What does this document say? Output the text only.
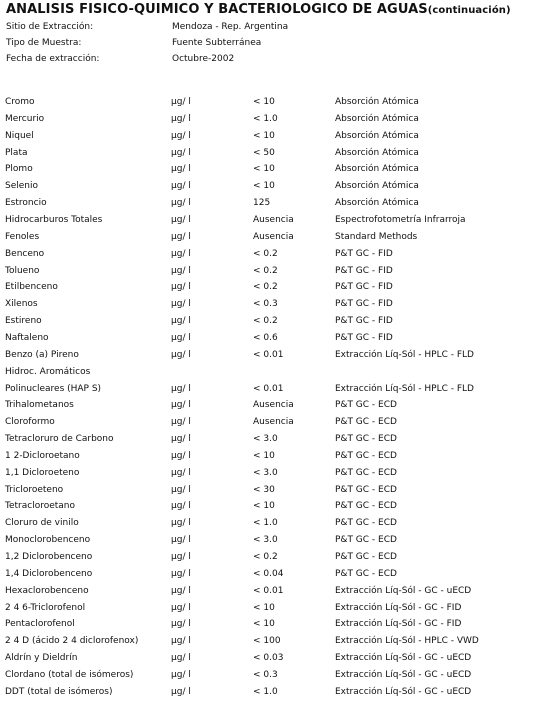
ANALISIS FISICO-QUIMICO Y BACTERIOLOGICO DE AGUAS(continuación)
Sitio de Extracción:	Mendoza - Rep. Argentina
Tipo de Muestra:	Fuente Subterránea
Fecha de extracción:	Octubre-2002
Cromo	μg/ l	< 10	Absorción Atómica
Mercurio	μg/ l	< 1.0	Absorción Atómica
Niquel	μg/ l	< 10	Absorción Atómica
Plata	μg/ l	< 50	Absorción Atómica
Plomo	μg/ l	< 10	Absorción Atómica
Selenio	μg/ l	< 10	Absorción Atómica
Estroncio	μg/ l	125	Absorción Atómica
Hidrocarburos Totales	μg/ l	Ausencia	Espectrofotometría Infrarroja
Fenoles	μg/ l	Ausencia	Standard Methods
Benceno	μg/ l	< 0.2	P&T GC - FID
Tolueno	μg/ l	< 0.2	P&T GC - FID
Etilbenceno	μg/ l	< 0.2	P&T GC - FID
Xilenos	μg/ l	< 0.3	P&T GC - FID
Estireno	μg/ l	< 0.2	P&T GC - FID
Naftaleno	μg/ l	< 0.6	P&T GC - FID
Benzo (a) Pireno	μg/ l	< 0.01	Extracción Líq-Sól - HPLC - FLD
Hidroc. Aromáticos
Polinucleares (HAP S)	μg/ l	< 0.01	Extracción Líq-Sól - HPLC - FLD
Trihalometanos	μg/ l	Ausencia	P&T GC - ECD
Cloroformo	μg/ l	Ausencia	P&T GC - ECD
Tetracloruro de Carbono	μg/ l	< 3.0	P&T GC - ECD
1 2-Dicloroetano	μg/ l	< 10	P&T GC - ECD
1,1 Dicloroeteno	μg/ l	< 3.0	P&T GC - ECD
Tricloroeteno	μg/ l	< 30	P&T GC - ECD
Tetracloroetano	μg/ l	< 10	P&T GC - ECD
Cloruro de vinilo	μg/ l	< 1.0	P&T GC - ECD
Monoclorobenceno	μg/ l	< 3.0	P&T GC - ECD
1,2 Diclorobenceno	μg/ l	< 0.2	P&T GC - ECD
1,4 Diclorobenceno	μg/ l	< 0.04	P&T GC - ECD
Hexaclorobenceno	μg/ l	< 0.01	Extracción Líq-Sól - GC - uECD
2 4 6-Triclorofenol	μg/ l	< 10	Extracción Líq-Sól - GC - FID
Pentaclorofenol	μg/ l	< 10	Extracción Líq-Sól - GC - FID
2 4 D (ácido 2 4 diclorofenox)	μg/ l	< 100	Extracción Líq-Sól - HPLC - VWD
Aldrín y Dieldrín	μg/ l	< 0.03	Extracción Líq-Sól - GC - uECD
Clordano (total de isómeros)	μg/ l	< 0.3	Extracción Líq-Sól - GC - uECD
DDT (total de isómeros)	μg/ l	< 1.0	Extracción Líq-Sól - GC - uECD
